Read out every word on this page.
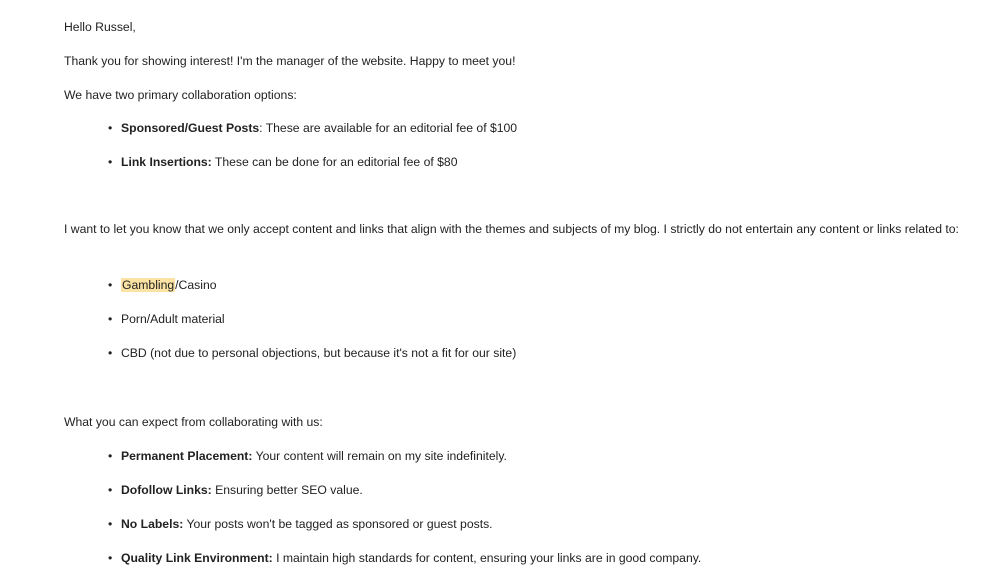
Hello Russel,
Thank you for showing interest! I'm the manager of the website. Happy to meet you!
We have two primary collaboration options:
• Sponsored/Guest Posts: These are available for an editorial fee of $100
• Link Insertions: These can be done for an editorial fee of $80
I want to let you know that we only accept content and links that align with the themes and subjects of my blog. I strictly do not entertain any content or links related to:
• Gambling/Casino
• Porn/Adult material
• CBD (not due to personal objections, but because it's not a fit for our site)
What you can expect from collaborating with us:
• Permanent Placement: Your content will remain on my site indefinitely.
• Dofollow Links: Ensuring better SEO value.
• No Labels: Your posts won't be tagged as sponsored or guest posts.
• Quality Link Environment: I maintain high standards for content, ensuring your links are in good company.
